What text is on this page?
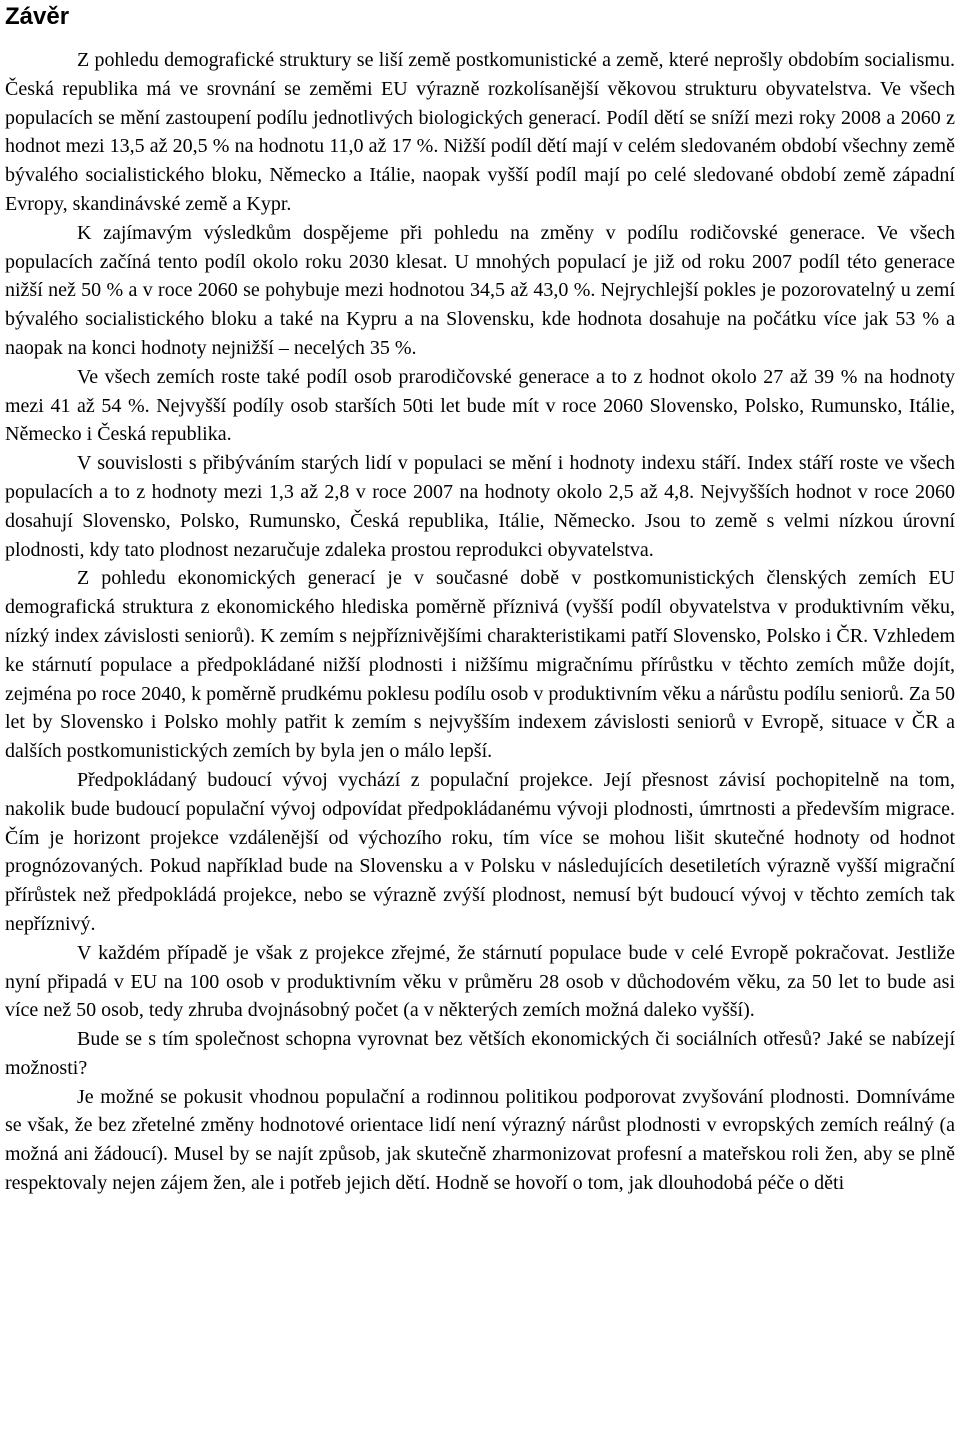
Závěr

Z pohledu demografické struktury se liší země postkomunistické a země, které neprošly obdobím socialismu. Česká republika má ve srovnání se zeměmi EU výrazně rozkolísanější věkovou strukturu obyvatelstva. Ve všech populacích se mění zastoupení podílu jednotlivých biologických generací. Podíl dětí se sníží mezi roky 2008 a 2060 z hodnot mezi 13,5 až 20,5 % na hodnotu 11,0 až 17 %. Nižší podíl dětí mají v celém sledovaném období všechny země bývalého socialistického bloku, Německo a Itálie, naopak vyšší podíl mají po celé sledované období země západní Evropy, skandinávské země a Kypr.

K zajímavým výsledkům dospějeme při pohledu na změny v podílu rodičovské generace. Ve všech populacích začíná tento podíl okolo roku 2030 klesat. U mnohých populací je již od roku 2007 podíl této generace nižší než 50 % a v roce 2060 se pohybuje mezi hodnotou 34,5 až 43,0 %. Nejrychlejší pokles je pozorovatelný u zemí bývalého socialistického bloku a také na Kypru a na Slovensku, kde hodnota dosahuje na počátku více jak 53 % a naopak na konci hodnoty nejnižší – necelých 35 %.

Ve všech zemích roste také podíl osob prarodičovské generace a to z hodnot okolo 27 až 39 % na hodnoty mezi 41 až 54 %. Nejvyšší podíly osob starších 50ti let bude mít v roce 2060 Slovensko, Polsko, Rumunsko, Itálie, Německo i Česká republika.

V souvislosti s přibýváním starých lidí v populaci se mění i hodnoty indexu stáří. Index stáří roste ve všech populacích a to z hodnoty mezi 1,3 až 2,8 v roce 2007 na hodnoty okolo 2,5 až 4,8. Nejvyšších hodnot v roce 2060 dosahují Slovensko, Polsko, Rumunsko, Česká republika, Itálie, Německo. Jsou to země s velmi nízkou úrovní plodnosti, kdy tato plodnost nezaručuje zdaleka prostou reprodukci obyvatelstva.

Z pohledu ekonomických generací je v současné době v postkomunistických členských zemích EU demografická struktura z ekonomického hlediska poměrně příznivá (vyšší podíl obyvatelstva v produktivním věku, nízký index závislosti seniorů). K zemím s nejpříznivějšími charakteristikami patří Slovensko, Polsko i ČR. Vzhledem ke stárnutí populace a předpokládané nižší plodnosti i nižšímu migračnímu přírůstku v těchto zemích může dojít, zejména po roce 2040, k poměrně prudkému poklesu podílu osob v produktivním věku a nárůstu podílu seniorů. Za 50 let by Slovensko i Polsko mohly patřit k zemím s nejvyšším indexem závislosti seniorů v Evropě, situace v ČR a dalších postkomunistických zemích by byla jen o málo lepší.

Předpokládaný budoucí vývoj vychází z populační projekce. Její přesnost závisí pochopitelně na tom, nakolik bude budoucí populační vývoj odpovídat předpokládanému vývoji plodnosti, úmrtnosti a především migrace. Čím je horizont projekce vzdálenější od výchozího roku, tím více se mohou lišit skutečné hodnoty od hodnot prognózovaných. Pokud například bude na Slovensku a v Polsku v následujících desetiletích výrazně vyšší migrační přírůstek než předpokládá projekce, nebo se výrazně zvýší plodnost, nemusí být budoucí vývoj v těchto zemích tak nepříznivý.

V každém případě je však z projekce zřejmé, že stárnutí populace bude v celé Evropě pokračovat. Jestliže nyní připadá v EU na 100 osob v produktivním věku v průměru 28 osob v důchodovém věku, za 50 let to bude asi více než 50 osob, tedy zhruba dvojnásobný počet (a v některých zemích možná daleko vyšší).

Bude se s tím společnost schopna vyrovnat bez větších ekonomických či sociálních otřesů? Jaké se nabízejí možnosti?

Je možné se pokusit vhodnou populační a rodinnou politikou podporovat zvyšování plodnosti. Domníváme se však, že bez zřetelné změny hodnotové orientace lidí není výrazný nárůst plodnosti v evropských zemích reálný (a možná ani žádoucí). Musel by se najít způsob, jak skutečně zharmonizovat profesní a mateřskou roli žen, aby se plně respektovaly nejen zájem žen, ale i potřeb jejich dětí. Hodně se hovoří o tom, jak dlouhodobá péče o děti
